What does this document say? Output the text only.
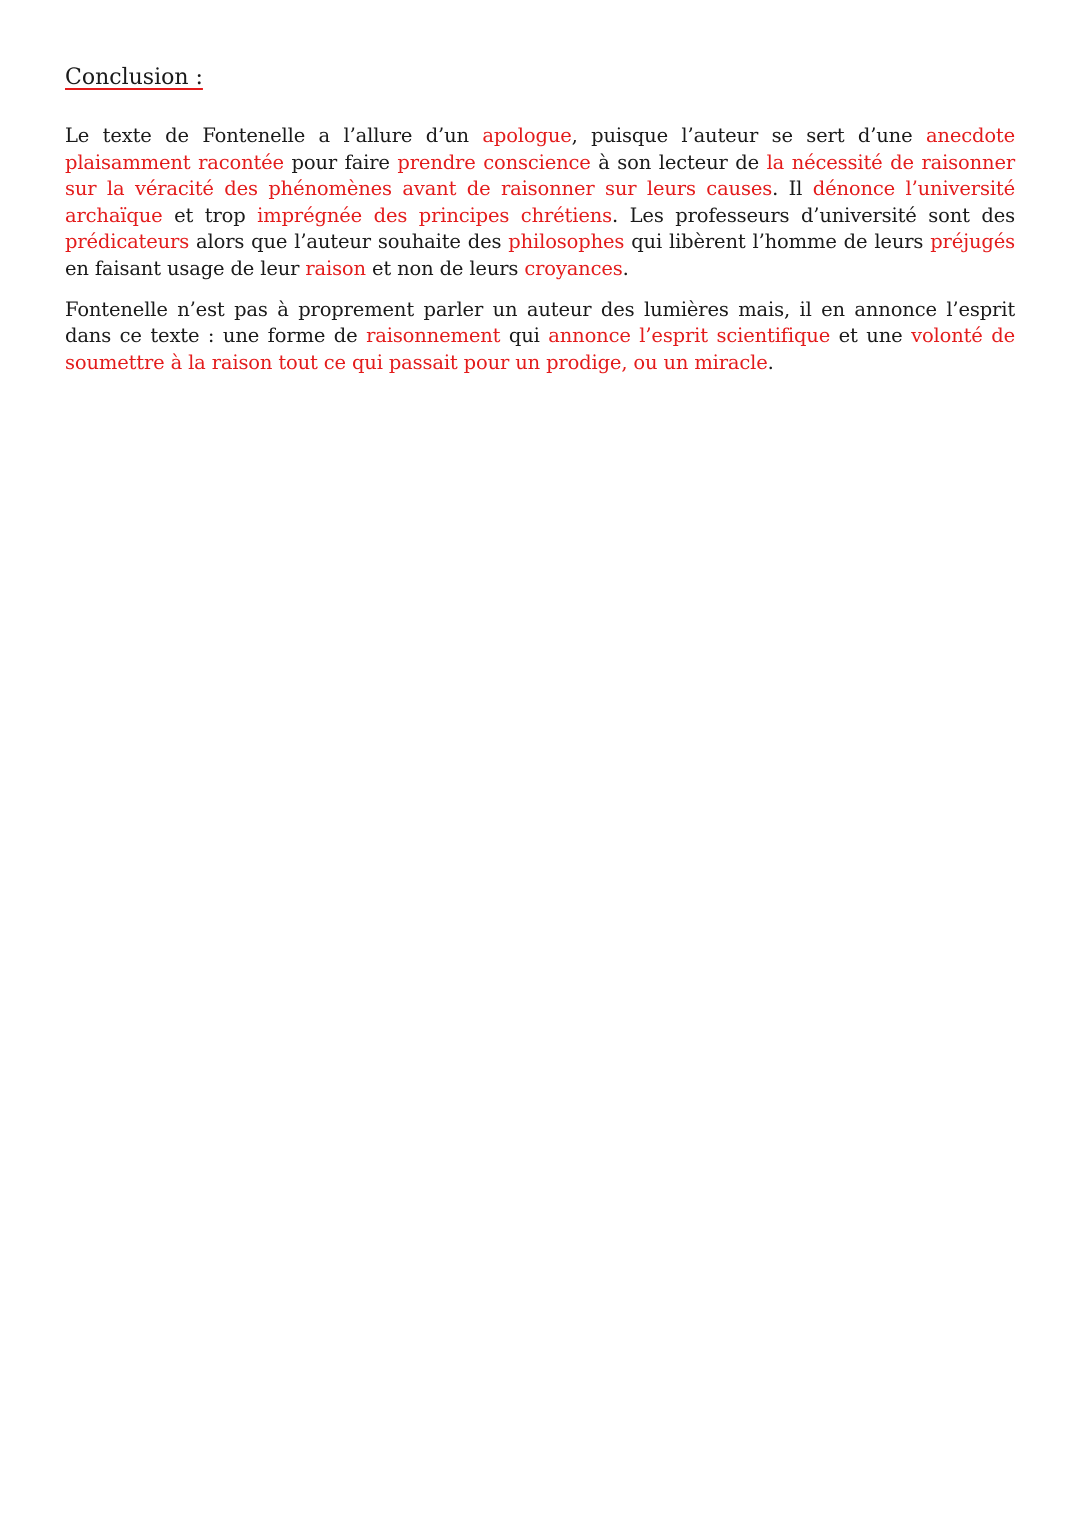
Conclusion :

Le texte de Fontenelle a l’allure d’un apologue, puisque l’auteur se sert d’une anecdote plaisamment racontée pour faire prendre conscience à son lecteur de la nécessité de raisonner sur la véracité des phénomènes avant de raisonner sur leurs causes. Il dénonce l’université archaïque et trop imprégnée des principes chrétiens. Les professeurs d’université sont des prédicateurs alors que l’auteur souhaite des philosophes qui libèrent l’homme de leurs préjugés en faisant usage de leur raison et non de leurs croyances.

Fontenelle n’est pas à proprement parler un auteur des lumières mais, il en annonce l’esprit dans ce texte : une forme de raisonnement qui annonce l’esprit scientifique et une volonté de soumettre à la raison tout ce qui passait pour un prodige, ou un miracle.
